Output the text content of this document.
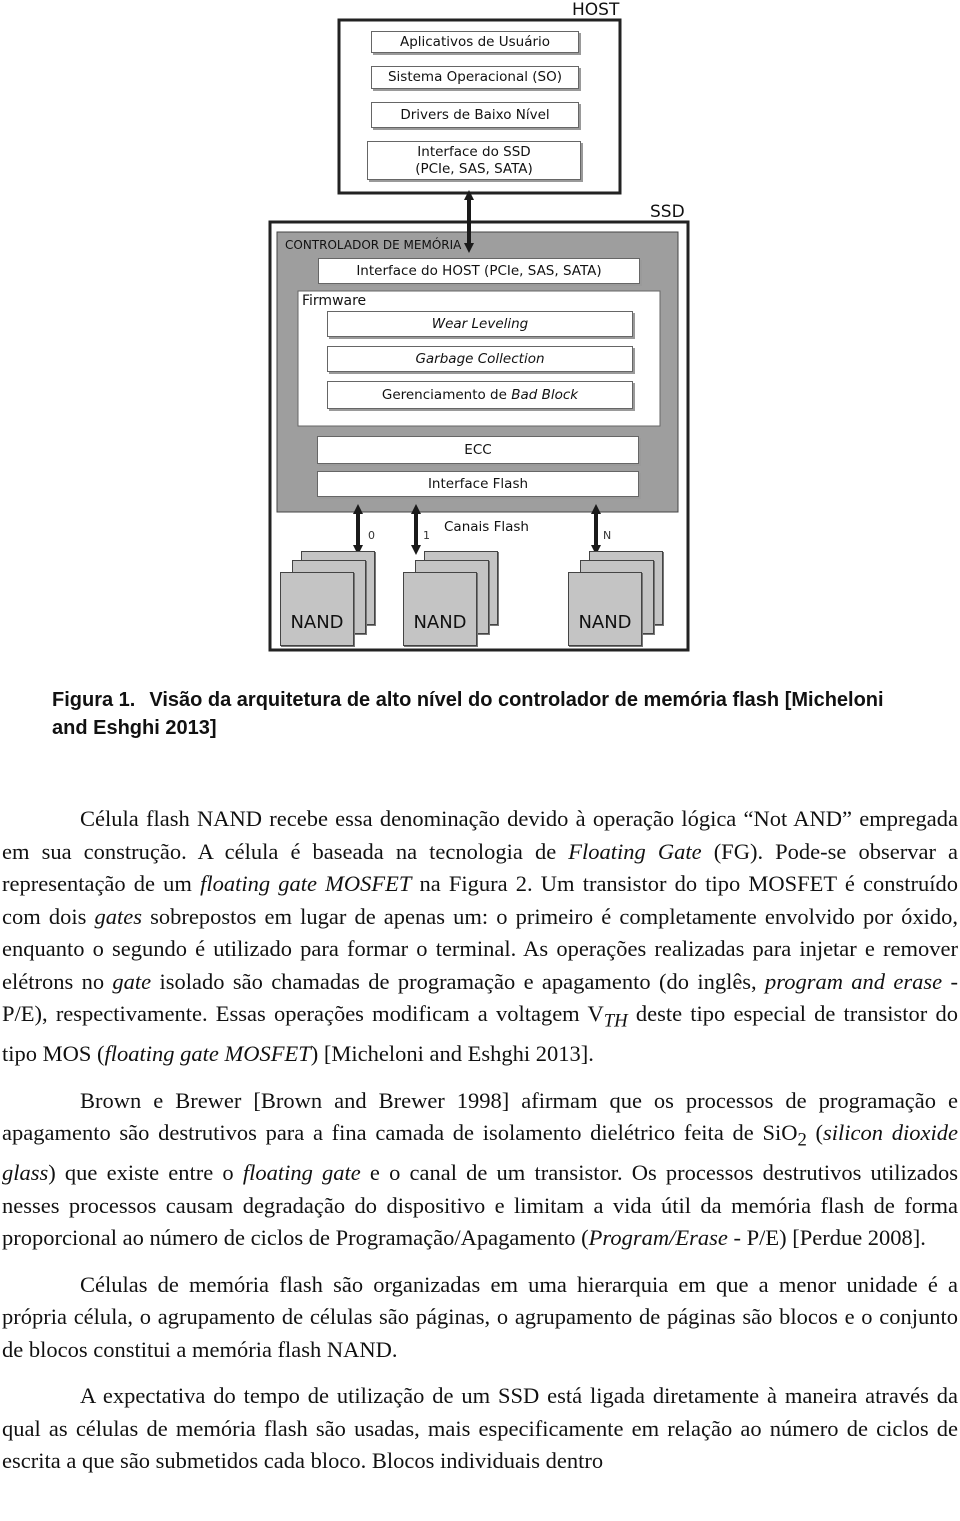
HOST
SSD
CONTROLADOR DE MEMÓRIA
Firmware
Aplicativos de Usuário
Sistema Operacional (SO)
Drivers de Baixo Nível
Interface do SSD
(PCIe, SAS, SATA)
Interface do HOST (PCIe, SAS, SATA)
Wear Leveling
Garbage Collection
Gerenciamento de Bad Block
ECC
Interface Flash
Canais Flash
0	1	N
NAND	NAND	NAND
Figura 1. Visão da arquitetura de alto nível do controlador de memória flash [Micheloni and Eshghi 2013]

Célula flash NAND recebe essa denominação devido à operação lógica “Not AND” empregada em sua construção. A célula é baseada na tecnologia de Floating Gate (FG). Pode-se observar a representação de um floating gate MOSFET na Figura 2. Um transistor do tipo MOSFET é construído com dois gates sobrepostos em lugar de apenas um: o primeiro é completamente envolvido por óxido, enquanto o segundo é utilizado para formar o terminal. As operações realizadas para injetar e remover elétrons no gate isolado são chamadas de programação e apagamento (do inglês, program and erase - P/E), respectivamente. Essas operações modificam a voltagem $V_{TH}$ deste tipo especial de transistor do tipo MOS (floating gate MOSFET) [Micheloni and Eshghi 2013].

Brown e Brewer [Brown and Brewer 1998] afirmam que os processos de programação e apagamento são destrutivos para a fina camada de isolamento dielétrico feita de SiO$_2$ (silicon dioxide glass) que existe entre o floating gate e o canal de um transistor. Os processos destrutivos utilizados nesses processos causam degradação do dispositivo e limitam a vida útil da memória flash de forma proporcional ao número de ciclos de Programação/Apagamento (Program/Erase - P/E) [Perdue 2008].

Células de memória flash são organizadas em uma hierarquia em que a menor unidade é a própria célula, o agrupamento de células são páginas, o agrupamento de páginas são blocos e o conjunto de blocos constitui a memória flash NAND.

A expectativa do tempo de utilização de um SSD está ligada diretamente à maneira através da qual as células de memória flash são usadas, mais especificamente em relação ao número de ciclos de escrita a que são submetidos cada bloco. Blocos individuais dentro
